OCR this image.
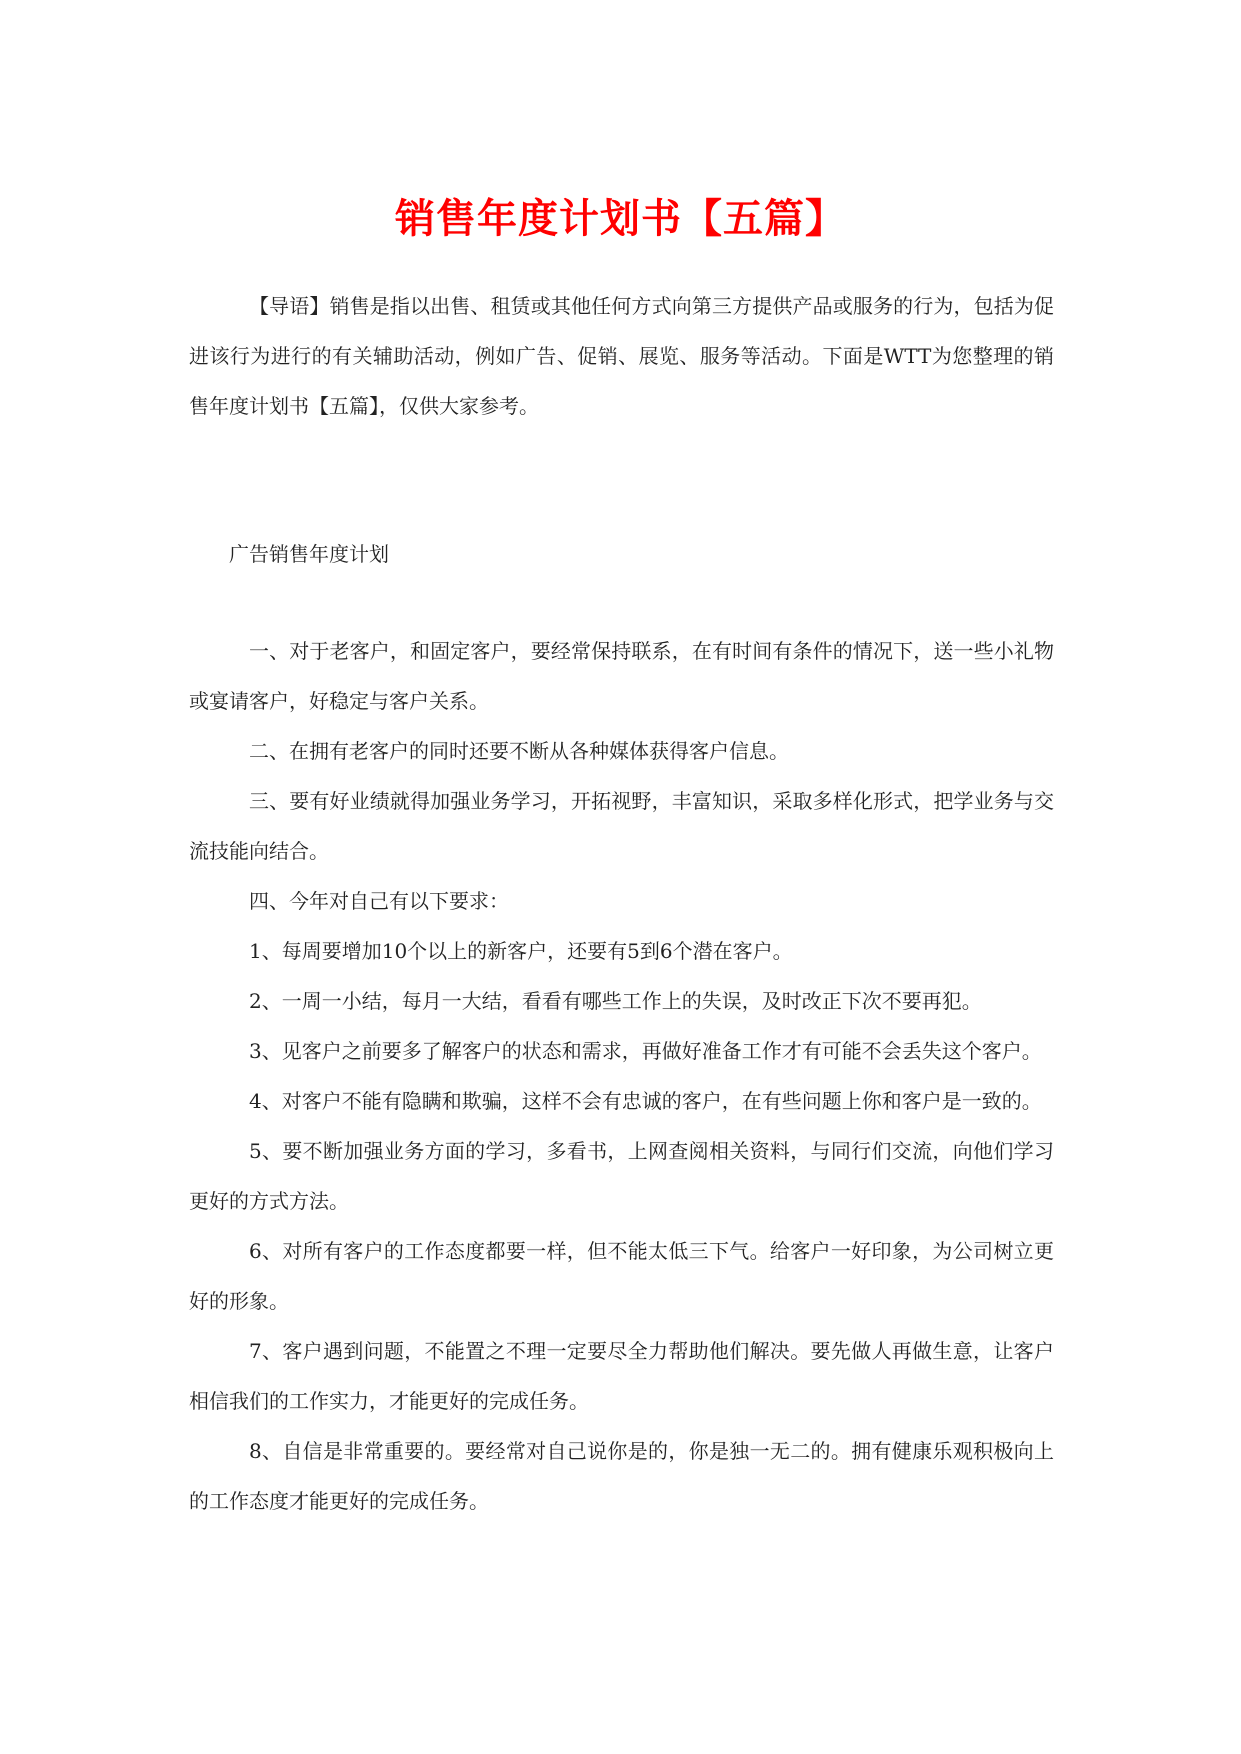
销售年度计划书【五篇】

【导语】销售是指以出售、租赁或其他任何方式向第三方提供产品或服务的行为，包括为促进该行为进行的有关辅助活动，例如广告、促销、展览、服务等活动。下面是WTT为您整理的销售年度计划书【五篇】，仅供大家参考。

广告销售年度计划

一、对于老客户，和固定客户，要经常保持联系，在有时间有条件的情况下，送一些小礼物或宴请客户，好稳定与客户关系。

二、在拥有老客户的同时还要不断从各种媒体获得客户信息。

三、要有好业绩就得加强业务学习，开拓视野，丰富知识，采取多样化形式，把学业务与交流技能向结合。

四、今年对自己有以下要求：

1、每周要增加10个以上的新客户，还要有5到6个潜在客户。

2、一周一小结，每月一大结，看看有哪些工作上的失误，及时改正下次不要再犯。

3、见客户之前要多了解客户的状态和需求，再做好准备工作才有可能不会丢失这个客户。

4、对客户不能有隐瞒和欺骗，这样不会有忠诚的客户，在有些问题上你和客户是一致的。

5、要不断加强业务方面的学习，多看书，上网查阅相关资料，与同行们交流，向他们学习更好的方式方法。

6、对所有客户的工作态度都要一样，但不能太低三下气。给客户一好印象，为公司树立更好的形象。

7、客户遇到问题，不能置之不理一定要尽全力帮助他们解决。要先做人再做生意，让客户相信我们的工作实力，才能更好的完成任务。

8、自信是非常重要的。要经常对自己说你是的，你是独一无二的。拥有健康乐观积极向上的工作态度才能更好的完成任务。
